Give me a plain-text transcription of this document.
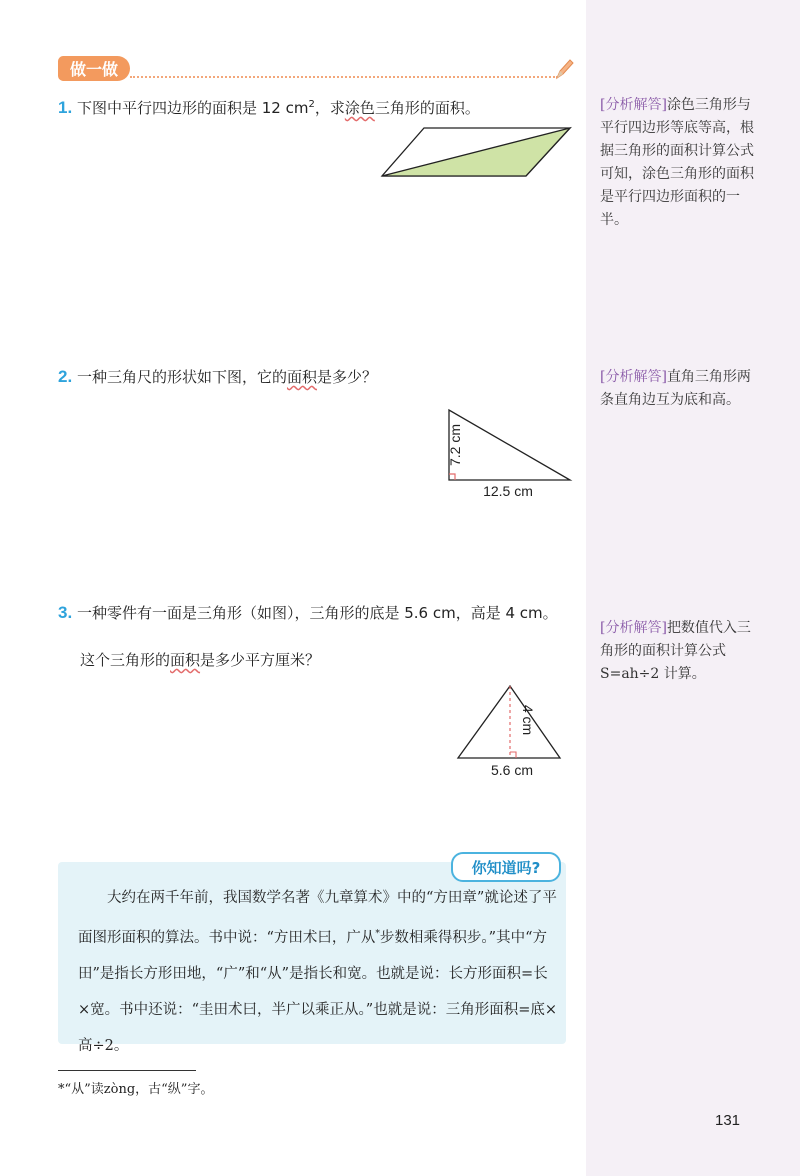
做一做
1. 下图中平行四边形的面积是 12 $cm^2$，求涂色三角形的面积。
2. 一种三角尺的形状如下图，它的面积是多少？
7.2 cm
12.5 cm
3. 一种零件有一面是三角形（如图），三角形的底是 5.6 cm，高是 4 cm。
这个三角形的面积是多少平方厘米？
4 cm
5.6 cm
[分析解答]涂色三角形与平行四边形等底等高，根据三角形的面积计算公式可知，涂色三角形的面积是平行四边形面积的一半。
[分析解答]直角三角形两条直角边互为底和高。
[分析解答]把数值代入三角形的面积计算公式 S=ah÷2 计算。
你知道吗?

大约在两千年前，我国数学名著《九章算术》中的“方田章”就论述了平面图形面积的算法。书中说：“方田术曰，广从*步数相乘得积步。”其中“方田”是指长方形田地，“广”和“从”是指长和宽。也就是说：长方形面积=长×宽。书中还说：“圭田术曰，半广以乘正从。”也就是说：三角形面积=底×高÷2。

*“从”读zòng，古“纵”字。
131
